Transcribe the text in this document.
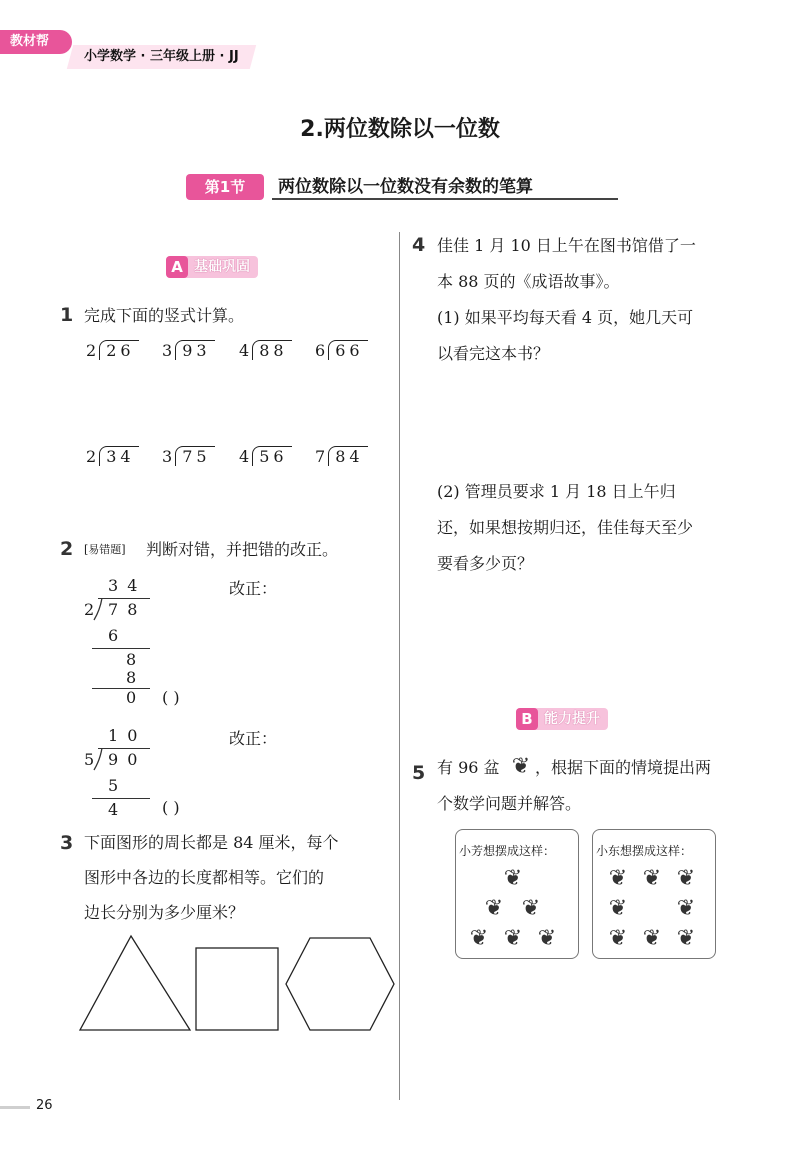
教材帮
小学数学 · 三年级上册 · JJ
2.两位数除以一位数
第1节	两位数除以一位数没有余数的笔算
A 基础巩固
1 完成下面的竖式计算。
2 26 3 93 4 88 6 66
2 34 3 75 4 56 7 84
2 [易错题] 判断对错，并把错的改正。
3 4
2 7 8
6
8
8
0 ( )
改正：
1 0
5 9 0
5
4	( )
改正：
3 下面图形的周长都是 84 厘米，每个
图形中各边的长度都相等。它们的
边长分别为多少厘米？
4 佳佳 1 月 10 日上午在图书馆借了一
本 88 页的《成语故事》。
(1) 如果平均每天看 4 页，她几天可
以看完这本书？
(2) 管理员要求 1 月 18 日上午归
还，如果想按期归还，佳佳每天至少
要看多少页？
B 能力提升
5 有 96 盆 ❦ ，根据下面的情境提出两
个数学问题并解答。
小芳想摆成这样：
❦
❦ ❦
❦ ❦ ❦
小东想摆成这样：
❦ ❦ ❦
❦ ❦
❦ ❦ ❦
26
